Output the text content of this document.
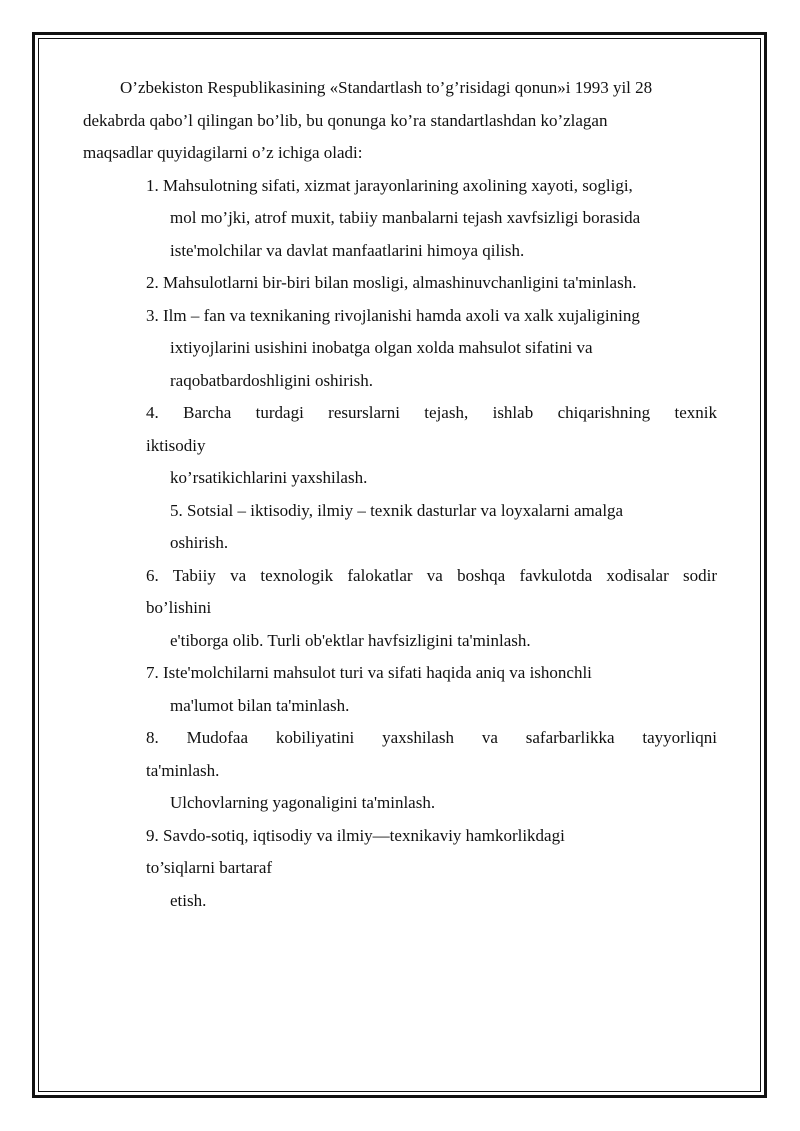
O’zbekiston Respublikasining «Standartlash to’g’risidagi qonun»i 1993 yil 28
dekabrda qabo’l qilingan bo’lib, bu qonunga ko’ra standartlashdan ko’zlagan
maqsadlar quyidagilarni o’z ichiga oladi:
1. Mahsulotning sifati, xizmat jarayonlarining axolining xayoti, sogligi,
mol mo’jki, atrof muxit, tabiiy manbalarni tejash xavfsizligi borasida
iste'molchilar va davlat manfaatlarini himoya qilish.
2. Mahsulotlarni bir-biri bilan mosligi, almashinuvchanligini ta'minlash.
3. Ilm – fan va texnikaning rivojlanishi hamda axoli va xalk xujaligining
ixtiyojlarini usishini inobatga olgan xolda mahsulot sifatini va
raqobatbardoshligini oshirish.
4. Barcha turdagi resurslarni tejash, ishlab chiqarishning texnik
iktisodiy
ko’rsatikichlarini yaxshilash.
5. Sotsial – iktisodiy, ilmiy – texnik dasturlar va loyxalarni amalga
oshirish.
6. Tabiiy va texnologik falokatlar va boshqa favkulotda xodisalar sodir
bo’lishini
e'tiborga olib. Turli ob'ektlar havfsizligini ta'minlash.
7. Iste'molchilarni mahsulot turi va sifati haqida aniq va ishonchli
ma'lumot bilan ta'minlash.
8. Mudofaa kobiliyatini yaxshilash va safarbarlikka tayyorliqni
ta'minlash.
Ulchovlarning yagonaligini ta'minlash.
9. Savdo-sotiq, iqtisodiy va ilmiy—texnikaviy hamkorlikdagi
to’siqlarni bartaraf
etish.
